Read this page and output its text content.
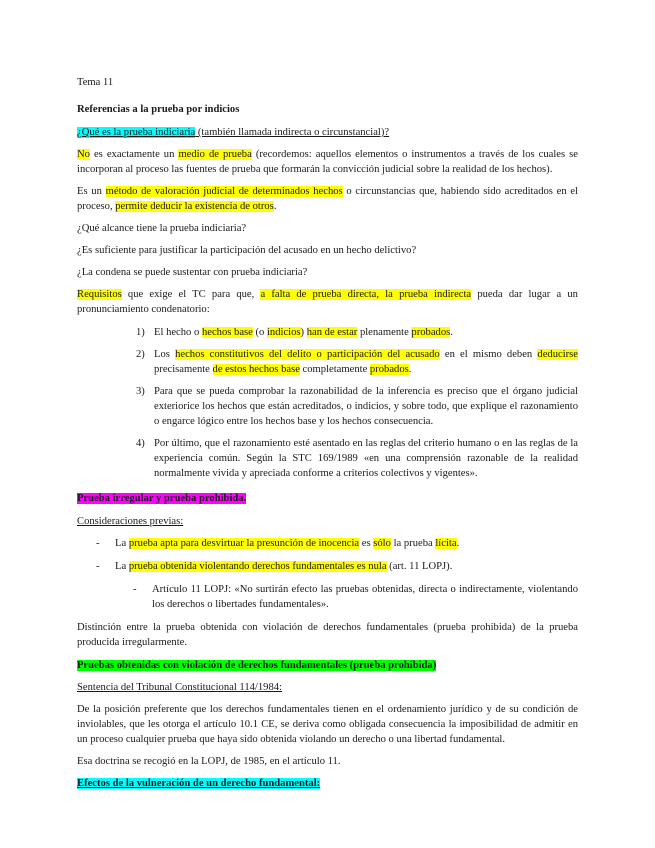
Tema 11

Referencias a la prueba por indicios

¿Qué es la prueba indiciaria (también llamada indirecta o circunstancial)?

No es exactamente un medio de prueba (recordemos: aquellos elementos o instrumentos a través de los cuales se incorporan al proceso las fuentes de prueba que formarán la convicción judicial sobre la realidad de los hechos).

Es un método de valoración judicial de determinados hechos o circunstancias que, habiendo sido acreditados en el proceso, permite deducir la existencia de otros.

¿Qué alcance tiene la prueba indiciaria?

¿Es suficiente para justificar la participación del acusado en un hecho delictivo?

¿La condena se puede sustentar con prueba indiciaria?

Requisitos que exige el TC para que, a falta de prueba directa, la prueba indirecta pueda dar lugar a un pronunciamiento condenatorio:

1) El hecho o hechos base (o indicios) han de estar plenamente probados.
2) Los hechos constitutivos del delito o participación del acusado en el mismo deben deducirse precisamente de estos hechos base completamente probados.
3) Para que se pueda comprobar la razonabilidad de la inferencia es preciso que el órgano judicial exteriorice los hechos que están acreditados, o indicios, y sobre todo, que explique el razonamiento o engarce lógico entre los hechos base y los hechos consecuencia.
4) Por último, que el razonamiento esté asentado en las reglas del criterio humano o en las reglas de la experiencia común. Según la STC 169/1989 «en una comprensión razonable de la realidad normalmente vivida y apreciada conforme a criterios colectivos y vigentes».

Prueba irregular y prueba prohibida.

Consideraciones previas:

- La prueba apta para desvirtuar la presunción de inocencia es sólo la prueba lícita.
- La prueba obtenida violentando derechos fundamentales es nula (art. 11 LOPJ).

- Artículo 11 LOPJ: «No surtirán efecto las pruebas obtenidas, directa o indirectamente, violentando los derechos o libertades fundamentales».

Distinción entre la prueba obtenida con violación de derechos fundamentales (prueba prohibida) de la prueba producida irregularmente.

Pruebas obtenidas con violación de derechos fundamentales (prueba prohibida)

Sentencia del Tribunal Constitucional 114/1984:

De la posición preferente que los derechos fundamentales tienen en el ordenamiento jurídico y de su condición de inviolables, que les otorga el artículo 10.1 CE, se deriva como obligada consecuencia la imposibilidad de admitir en un proceso cualquier prueba que haya sido obtenida violando un derecho o una libertad fundamental.

Esa doctrina se recogió en la LOPJ, de 1985, en el artículo 11.

Efectos de la vulneración de un derecho fundamental:
